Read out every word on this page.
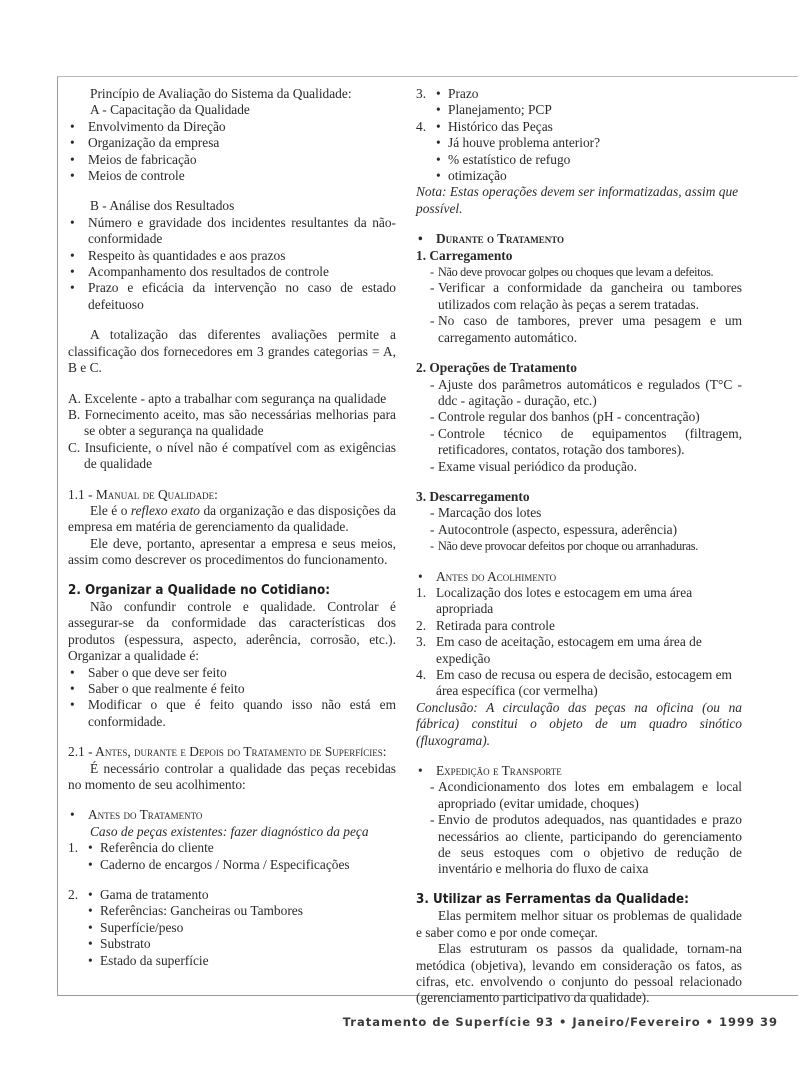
Princípio de Avaliação do Sistema da Qualidade:

A - Capacitação da Qualidade

• Envolvimento da Direção
• Organização da empresa
• Meios de fabricação
• Meios de controle

B - Análise dos Resultados

• Número e gravidade dos incidentes resultantes da não-conformidade
• Respeito às quantidades e aos prazos
• Acompanhamento dos resultados de controle
• Prazo e eficácia da intervenção no caso de estado defeituoso

A totalização das diferentes avaliações permite a classificação dos fornecedores em 3 grandes categorias = A, B e C.

A. Excelente - apto a trabalhar com segurança na qualidade

B. Fornecimento aceito, mas são necessárias melhorias para se obter a segurança na qualidade

C. Insuficiente, o nível não é compatível com as exigências de qualidade

1.1 - Manual de Qualidade:

Ele é o reflexo exato da organização e das disposições da empresa em matéria de gerenciamento da qualidade.

Ele deve, portanto, apresentar a empresa e seus meios, assim como descrever os procedimentos do funcionamento.

2. Organizar a Qualidade no Cotidiano:

Não confundir controle e qualidade. Controlar é assegurar-se da conformidade das características dos produtos (espessura, aspecto, aderência, corrosão, etc.). Organizar a qualidade é:

• Saber o que deve ser feito
• Saber o que realmente é feito
• Modificar o que é feito quando isso não está em conformidade.

2.1 - Antes, durante e Depois do Tratamento de Superfícies:

É necessário controlar a qualidade das peças recebidas no momento de seu acolhimento:

• Antes do Tratamento

Caso de peças existentes: fazer diagnóstico da peça

1.	• Referência do cliente
• Caderno de encargos / Norma / Especificações
2.	• Gama de tratamento
• Referências: Gancheiras ou Tambores
• Superfície/peso
• Substrato
• Estado da superfície
3.	• Prazo
• Planejamento; PCP
4.	• Histórico das Peças
• Já houve problema anterior?
• % estatístico de refugo
• otimização

Nota: Estas operações devem ser informatizadas, assim que possível.

• Durante o Tratamento

1. Carregamento

- Não deve provocar golpes ou choques que levam a defeitos.
- Verificar a conformidade da gancheira ou tambores utilizados com relação às peças a serem tratadas.
- No caso de tambores, prever uma pesagem e um carregamento automático.

2. Operações de Tratamento

- Ajuste dos parâmetros automáticos e regulados (T°C - ddc - agitação - duração, etc.)
- Controle regular dos banhos (pH - concentração)
- Controle técnico de equipamentos (filtragem, retificadores, contatos, rotação dos tambores).
- Exame visual periódico da produção.

3. Descarregamento

- Marcação dos lotes
- Autocontrole (aspecto, espessura, aderência)
- Não deve provocar defeitos por choque ou arranhaduras.
• Antes do Acolhimento
1. Localização dos lotes e estocagem em uma área apropriada
2. Retirada para controle
3. Em caso de aceitação, estocagem em uma área de expedição
4. Em caso de recusa ou espera de decisão, estocagem em área específica (cor vermelha)

Conclusão: A circulação das peças na oficina (ou na fábrica) constitui o objeto de um quadro sinótico (fluxograma).

• Expedição e Transporte
- Acondicionamento dos lotes em embalagem e local apropriado (evitar umidade, choques)
- Envio de produtos adequados, nas quantidades e prazo necessários ao cliente, participando do gerenciamento de seus estoques com o objetivo de redução de inventário e melhoria do fluxo de caixa

3. Utilizar as Ferramentas da Qualidade:

Elas permitem melhor situar os problemas de qualidade e saber como e por onde começar.

Elas estruturam os passos da qualidade, tornam-na metódica (objetiva), levando em consideração os fatos, as cifras, etc. envolvendo o conjunto do pessoal relacionado (gerenciamento participativo da qualidade).

Tratamento de Superfície 93 • Janeiro/Fevereiro • 1999 39
